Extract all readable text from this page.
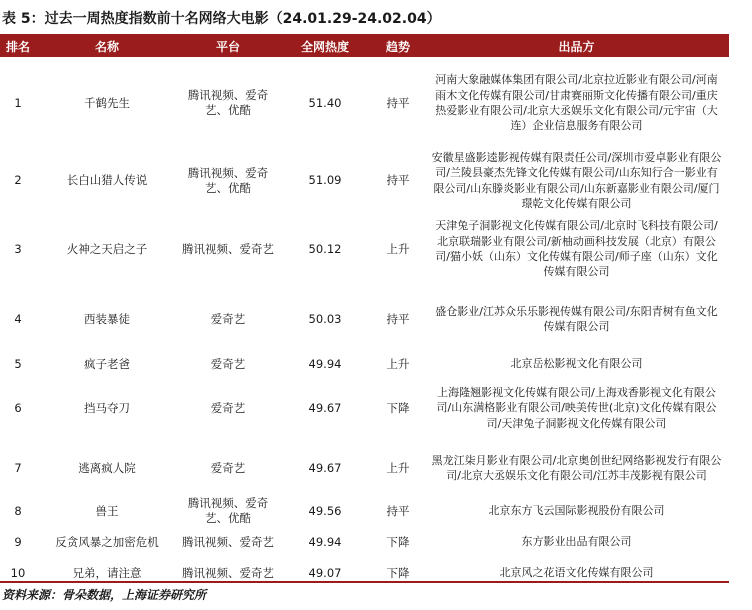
表 5：过去一周热度指数前十名网络大电影（24.01.29-24.02.04）
排名	名称	平台	全网热度	趋势	出品方
1	千鹤先生	腾讯视频、爱奇艺、优酷	51.40	持平	河南大象融媒体集团有限公司/北京拉近影业有限公司/河南雨木文化传媒有限公司/甘肃赛丽斯文化传播有限公司/重庆热爱影业有限公司/北京大丞娱乐文化有限公司/元宇宙（大连）企业信息服务有限公司
2	长白山猎人传说	腾讯视频、爱奇艺、优酷	51.09	持平	安徽星盛影逵影视传媒有限责任公司/深圳市爱卓影业有限公司/兰陵县豪杰先锋文化传媒有限公司/山东知行合一影业有限公司/山东滕炎影业有限公司/山东新嘉影业有限公司/厦门璟乾文化传媒有限公司
3	火神之天启之子	腾讯视频、爱奇艺	50.12	上升	天津兔子洞影视文化传媒有限公司/北京时飞科技有限公司/北京联瑞影业有限公司/新柚动画科技发展（北京）有限公司/猫小妖（山东）文化传媒有限公司/师子座（山东）文化传媒有限公司
4	西装暴徒	爱奇艺	50.03	持平	盛仓影业/江苏众乐乐影视传媒有限公司/东阳青树有鱼文化传媒有限公司
5	疯子老爸	爱奇艺	49.94	上升	北京岳松影视文化有限公司
6	挡马夺刀	爱奇艺	49.67	下降	上海隆翘影视文化传媒有限公司/上海戏香影视文化有限公司/山东满格影业有限公司/映美传世(北京)文化传媒有限公司/天津兔子洞影视文化传媒有限公司
7	逃离疯人院	爱奇艺	49.67	上升	黑龙江柒月影业有限公司/北京奥创世纪网络影视发行有限公司/北京大丞娱乐文化有限公司/江苏丰茂影视有限公司
8	兽王	腾讯视频、爱奇艺、优酷	49.56	持平	北京东方飞云国际影视股份有限公司
9	反贪风暴之加密危机	腾讯视频、爱奇艺	49.94	下降	东方影业出品有限公司
10	兄弟，请注意	腾讯视频、爱奇艺	49.07	下降	北京风之花语文化传媒有限公司
资料来源：骨朵数据，上海证券研究所
